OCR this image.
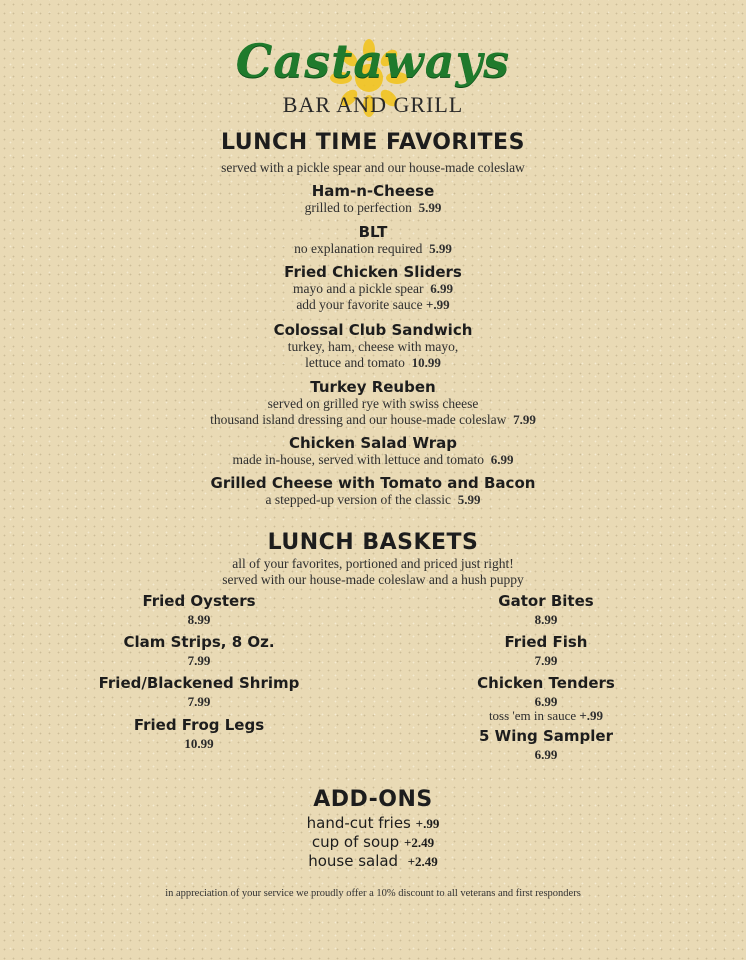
Castaways
BAR AND GRILL
LUNCH TIME FAVORITES
served with a pickle spear and our house-made coleslaw
Ham-n-Cheese
grilled to perfection 5.99
BLT
no explanation required 5.99
Fried Chicken Sliders
mayo and a pickle spear 6.99
add your favorite sauce +.99
Colossal Club Sandwich
turkey, ham, cheese with mayo,
lettuce and tomato 10.99
Turkey Reuben
served on grilled rye with swiss cheese
thousand island dressing and our house-made coleslaw 7.99
Chicken Salad Wrap
made in-house, served with lettuce and tomato 6.99
Grilled Cheese with Tomato and Bacon
a stepped-up version of the classic 5.99
LUNCH BASKETS
all of your favorites, portioned and priced just right!
served with our house-made coleslaw and a hush puppy
Fried Oysters
8.99
Clam Strips, 8 Oz.
7.99
Fried/Blackened Shrimp
7.99
Fried Frog Legs
10.99
Gator Bites
8.99
Fried Fish
7.99
Chicken Tenders
6.99
toss 'em in sauce +.99
5 Wing Sampler
6.99
ADD-ONS
hand-cut fries +.99
cup of soup +2.49
house salad +2.49
in appreciation of your service we proudly offer a 10% discount to all veterans and first responders
